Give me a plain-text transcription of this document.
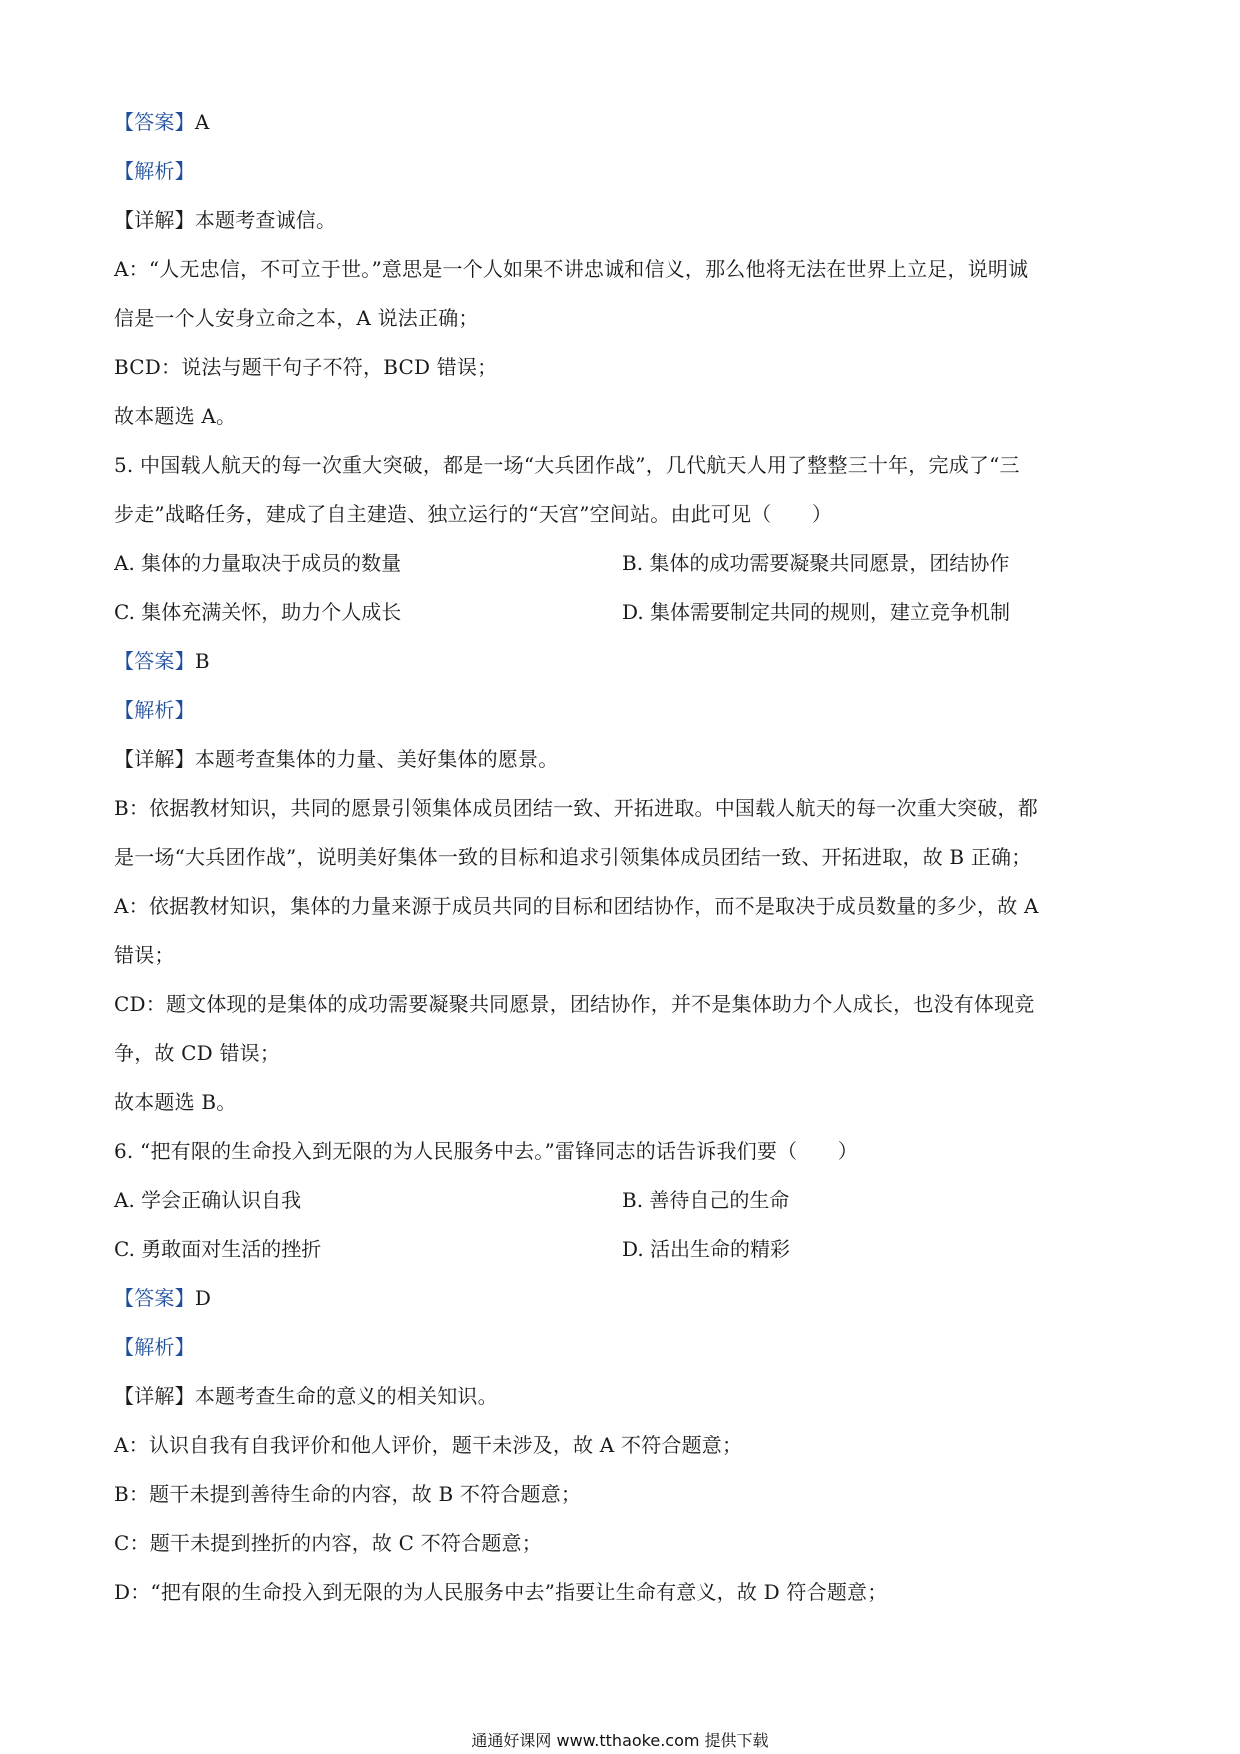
【答案】A
【解析】
【详解】本题考查诚信。
A：“人无忠信，不可立于世。”意思是一个人如果不讲忠诚和信义，那么他将无法在世界上立足，说明诚
信是一个人安身立命之本，A 说法正确；
BCD：说法与题干句子不符，BCD 错误；
故本题选 A。
5. 中国载人航天的每一次重大突破，都是一场“大兵团作战”，几代航天人用了整整三十年，完成了“三
步走”战略任务，建成了自主建造、独立运行的“天宫”空间站。由此可见（　　）
A. 集体的力量取决于成员的数量	B. 集体的成功需要凝聚共同愿景，团结协作
C. 集体充满关怀，助力个人成长	D. 集体需要制定共同的规则，建立竞争机制
【答案】B
【解析】
【详解】本题考查集体的力量、美好集体的愿景。
B：依据教材知识，共同的愿景引领集体成员团结一致、开拓进取。中国载人航天的每一次重大突破，都
是一场“大兵团作战”，说明美好集体一致的目标和追求引领集体成员团结一致、开拓进取，故 B 正确；
A：依据教材知识，集体的力量来源于成员共同的目标和团结协作，而不是取决于成员数量的多少，故 A
错误；
CD：题文体现的是集体的成功需要凝聚共同愿景，团结协作，并不是集体助力个人成长，也没有体现竞
争，故 CD 错误；
故本题选 B。
6. “把有限的生命投入到无限的为人民服务中去。”雷锋同志的话告诉我们要（　　）
A. 学会正确认识自我	B. 善待自己的生命
C. 勇敢面对生活的挫折	D. 活出生命的精彩
【答案】D
【解析】
【详解】本题考查生命的意义的相关知识。
A：认识自我有自我评价和他人评价，题干未涉及，故 A 不符合题意；
B：题干未提到善待生命的内容，故 B 不符合题意；
C：题干未提到挫折的内容，故 C 不符合题意；
D：“把有限的生命投入到无限的为人民服务中去”指要让生命有意义，故 D 符合题意；
通通好课网 www.tthaoke.com 提供下载
